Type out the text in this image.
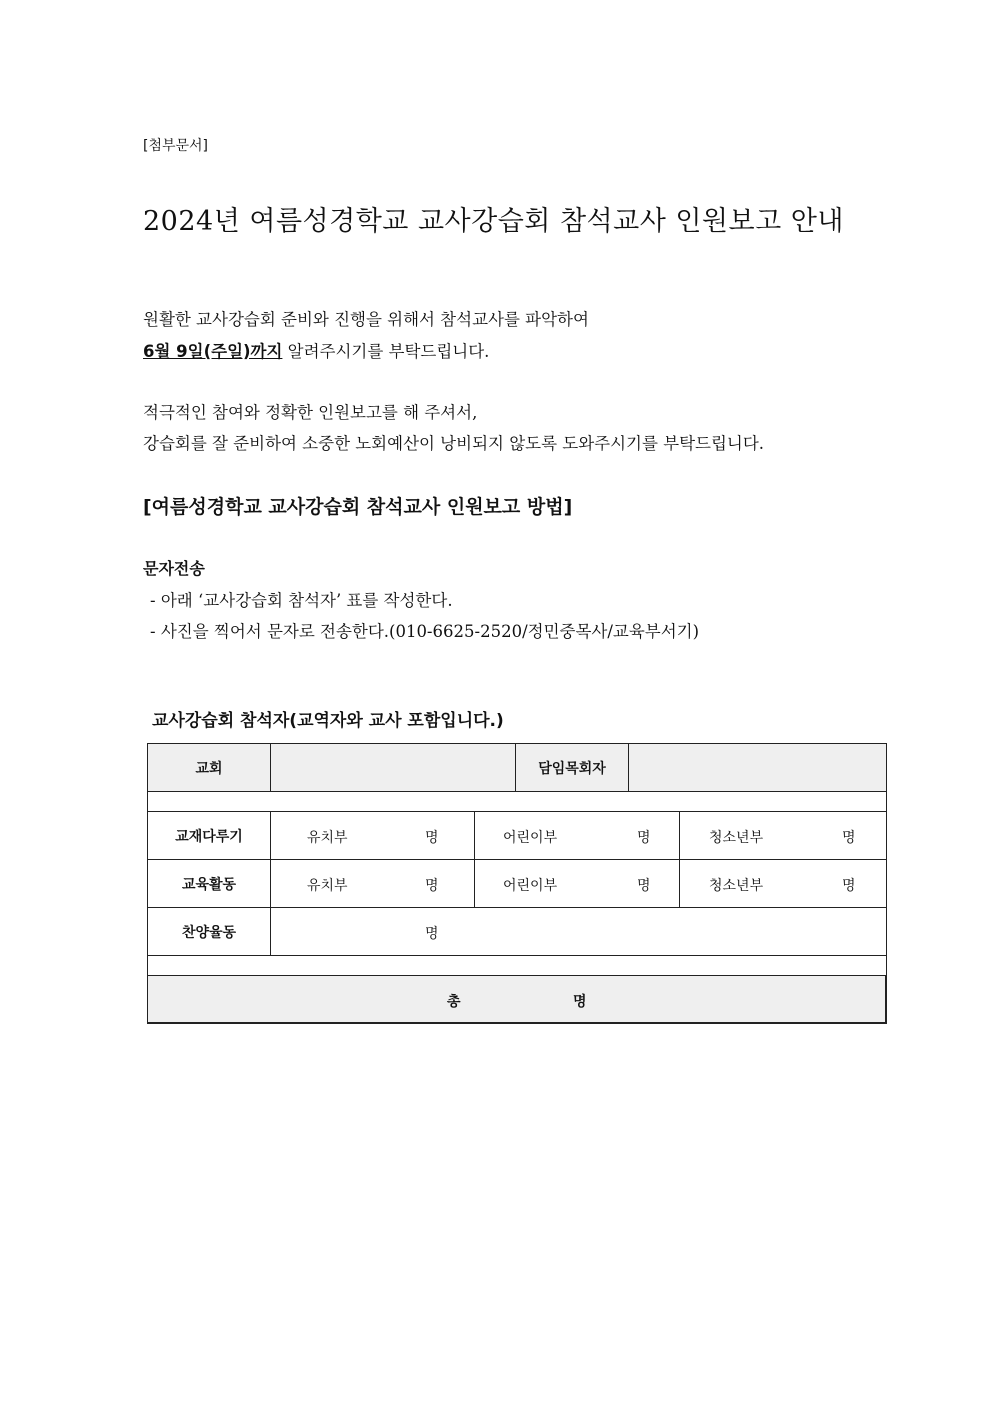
[첨부문서]
2024년 여름성경학교 교사강습회 참석교사 인원보고 안내
원활한 교사강습회 준비와 진행을 위해서 참석교사를 파악하여
6월 9일(주일)까지 알려주시기를 부탁드립니다.
적극적인 참여와 정확한 인원보고를 해 주셔서,
강습회를 잘 준비하여 소중한 노회예산이 낭비되지 않도록 도와주시기를 부탁드립니다.
[여름성경학교 교사강습회 참석교사 인원보고 방법]
문자전송
- 아래 ‘교사강습회 참석자’ 표를 작성한다.
- 사진을 찍어서 문자로 전송한다.(010-6625-2520/정민중목사/교육부서기)
교사강습회 참석자(교역자와 교사 포함입니다.)
교회	담임목회자
교재다루기	유치부	명	어린이부	명	청소년부	명
교육활동	유치부	명	어린이부	명	청소년부	명
찬양율동	명
총	명
